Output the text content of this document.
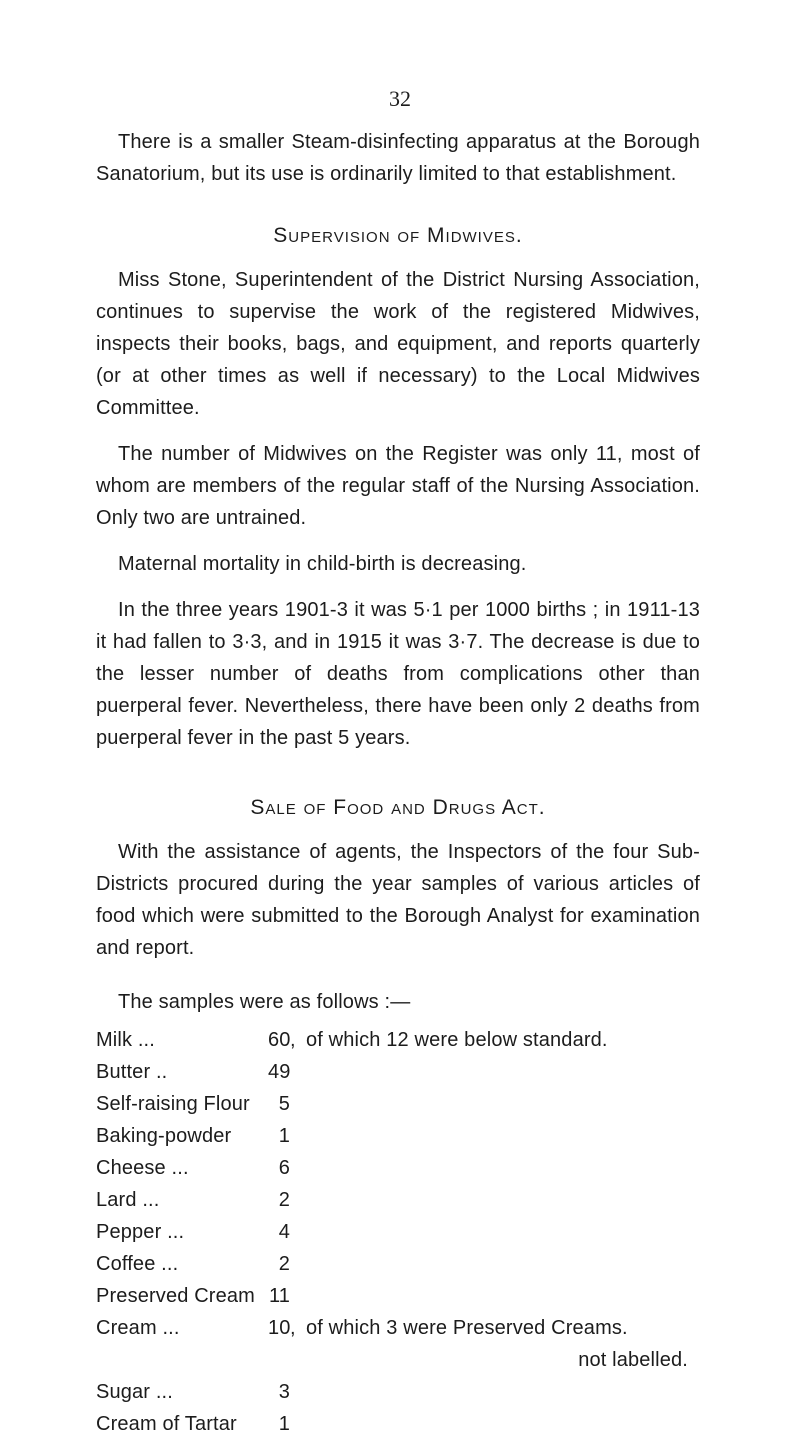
32

There is a smaller Steam-disinfecting apparatus at the Borough Sanatorium, but its use is ordinarily limited to that establishment.

Supervision of Midwives.

Miss Stone, Superintendent of the District Nursing Association, continues to supervise the work of the registered Midwives, inspects their books, bags, and equipment, and reports quarterly (or at other times as well if necessary) to the Local Midwives Committee.

The number of Midwives on the Register was only 11, most of whom are members of the regular staff of the Nursing Association. Only two are untrained.

Maternal mortality in child-birth is decreasing.

In the three years 1901-3 it was 5·1 per 1000 births ; in 1911-13 it had fallen to 3·3, and in 1915 it was 3·7. The decrease is due to the lesser number of deaths from complications other than puerperal fever. Nevertheless, there have been only 2 deaths from puerperal fever in the past 5 years.

Sale of Food and Drugs Act.

With the assistance of agents, the Inspectors of the four Sub-Districts procured during the year samples of various articles of food which were submitted to the Borough Analyst for examination and report.

The samples were as follows :—

Milk ...	60 , of which 12 were below standard.
Butter ..	49
Self-raising Flour	5
Baking-powder	1
Cheese ...	6
Lard ...	2
Pepper ...	4
Coffee ...	2
Preserved Cream 11
Cream ...	10 , of which 3 were Preserved Creams.
not labelled.
Sugar ...	3
Cream of Tartar	1
